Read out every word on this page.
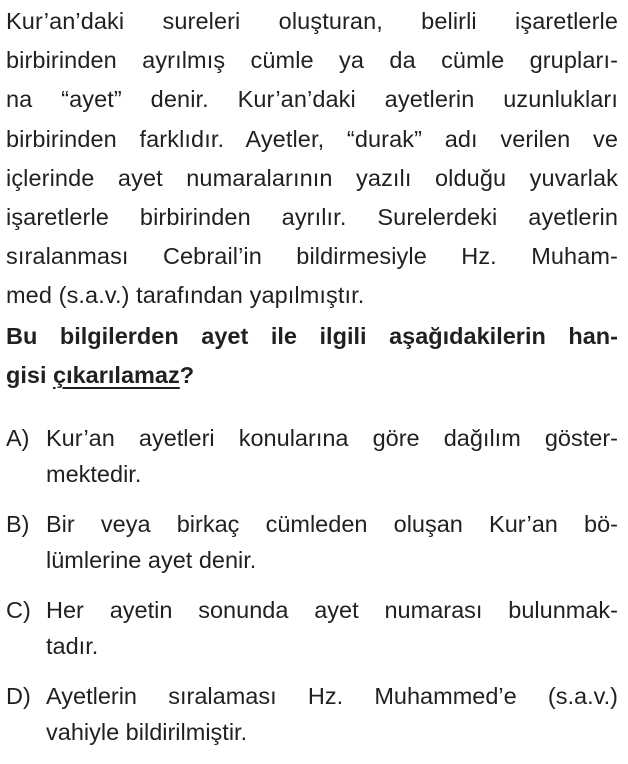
Kur’an’daki sureleri oluşturan, belirli işaretlerle
birbirinden ayrılmış cümle ya da cümle grupları-
na “ayet” denir. Kur’an’daki ayetlerin uzunlukları
birbirinden farklıdır. Ayetler, “durak” adı verilen ve
içlerinde ayet numaralarının yazılı olduğu yuvarlak
işaretlerle birbirinden ayrılır. Surelerdeki ayetlerin
sıralanması Cebrail’in bildirmesiyle Hz. Muham-
med (s.a.v.) tarafından yapılmıştır.
Bu bilgilerden ayet ile ilgili aşağıdakilerin han-
gisi çıkarılamaz?
A) Kur’an ayetleri konularına göre dağılım göster-
mektedir.
B) Bir veya birkaç cümleden oluşan Kur’an bö-
lümlerine ayet denir.
C) Her ayetin sonunda ayet numarası bulunmak-
tadır.
D) Ayetlerin sıralaması Hz. Muhammed’e (s.a.v.)
vahiyle bildirilmiştir.
